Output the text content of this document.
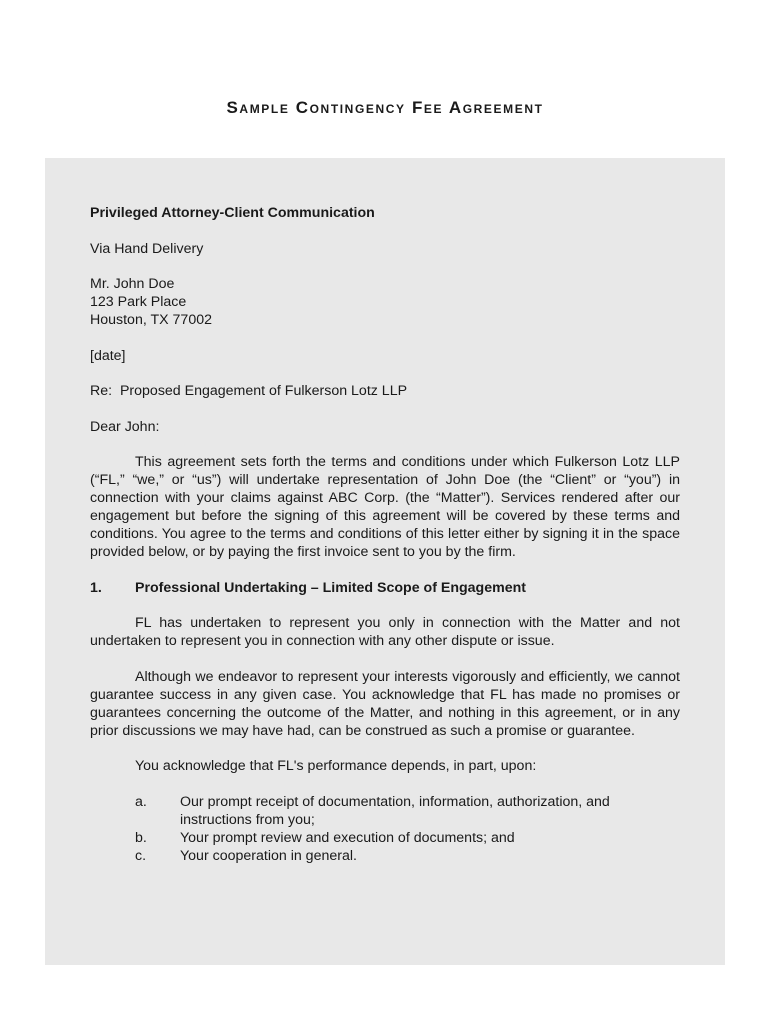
Sample Contingency Fee Agreement

Privileged Attorney-Client Communication

Via Hand Delivery

Mr. John Doe
123 Park Place
Houston, TX 77002

[date]

Re:  Proposed Engagement of Fulkerson Lotz LLP

Dear John:

This agreement sets forth the terms and conditions under which Fulkerson Lotz LLP (“FL,” “we,” or “us”) will undertake representation of John Doe (the “Client” or “you”) in connection with your claims against ABC Corp. (the “Matter”). Services rendered after our engagement but before the signing of this agreement will be covered by these terms and conditions. You agree to the terms and conditions of this letter either by signing it in the space provided below, or by paying the first invoice sent to you by the firm.

1.	Professional Undertaking – Limited Scope of Engagement

FL has undertaken to represent you only in connection with the Matter and not undertaken to represent you in connection with any other dispute or issue.

Although we endeavor to represent your interests vigorously and efficiently, we cannot guarantee success in any given case. You acknowledge that FL has made no promises or guarantees concerning the outcome of the Matter, and nothing in this agreement, or in any prior discussions we may have had, can be construed as such a promise or guarantee.

You acknowledge that FL's performance depends, in part, upon:

a.	Our prompt receipt of documentation, information, authorization, and instructions from you;
b.	Your prompt review and execution of documents; and
c.	Your cooperation in general.
